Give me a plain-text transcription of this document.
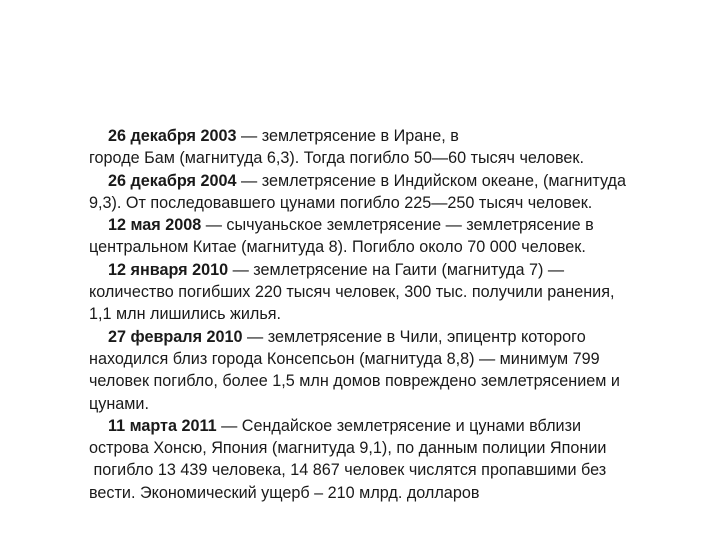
26 декабря 2003 — землетрясение в Иране, в
городе Бам (магнитуда 6,3). Тогда погибло 50—60 тысяч человек.
26 декабря 2004 — землетрясение в Индийском океане, (магнитуда
9,3). От последовавшего цунами погибло 225—250 тысяч человек.
12 мая 2008 — сычуаньское землетрясение — землетрясение в
центральном Китае (магнитуда 8). Погибло около 70 000 человек.
12 января 2010 — землетрясение на Гаити (магнитуда 7) —
количество погибших 220 тысяч человек, 300 тыс. получили ранения,
1,1 млн лишились жилья.
27 февраля 2010 — землетрясение в Чили, эпицентр которого
находился близ города Консепсьон (магнитуда 8,8) — минимум 799
человек погибло, более 1,5 млн домов повреждено землетрясением и
цунами.
11 марта 2011 — Сендайское землетрясение и цунами вблизи
острова Хонсю, Япония (магнитуда 9,1), по данным полиции Японии
погибло 13 439 человека, 14 867 человек числятся пропавшими без
вести. Экономический ущерб – 210 млрд. долларов
